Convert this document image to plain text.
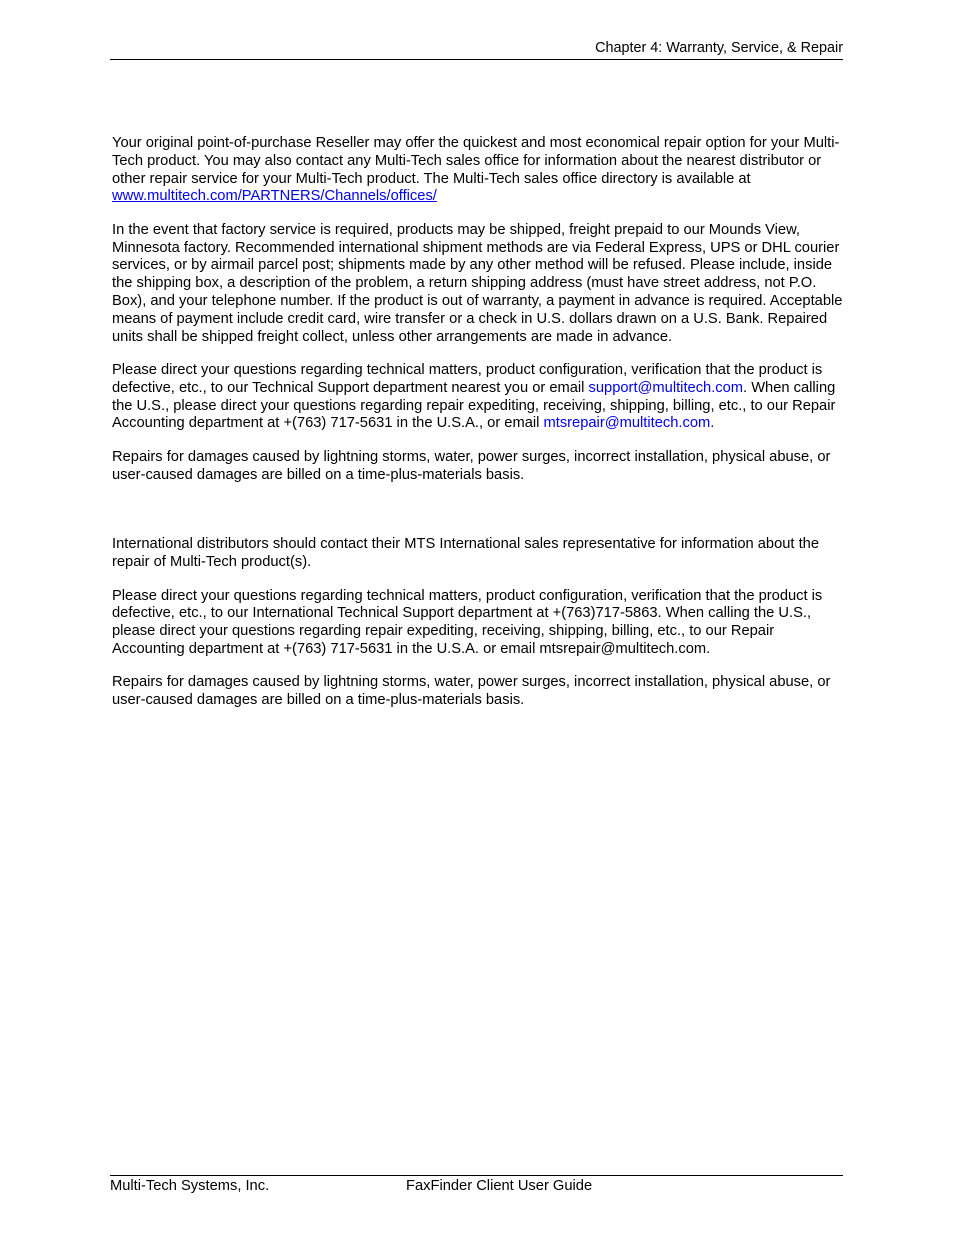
Chapter 4: Warranty, Service, & Repair

Your original point-of-purchase Reseller may offer the quickest and most economical repair option for your Multi-Tech product. You may also contact any Multi-Tech sales office for information about the nearest distributor or other repair service for your Multi-Tech product. The Multi-Tech sales office directory is available at www.multitech.com/PARTNERS/Channels/offices/

In the event that factory service is required, products may be shipped, freight prepaid to our Mounds View, Minnesota factory. Recommended international shipment methods are via Federal Express, UPS or DHL courier services, or by airmail parcel post; shipments made by any other method will be refused. Please include, inside the shipping box, a description of the problem, a return shipping address (must have street address, not P.O. Box), and your telephone number. If the product is out of warranty, a payment in advance is required. Acceptable means of payment include credit card, wire transfer or a check in U.S. dollars drawn on a U.S. Bank. Repaired units shall be shipped freight collect, unless other arrangements are made in advance.

Please direct your questions regarding technical matters, product configuration, verification that the product is defective, etc., to our Technical Support department nearest you or email support@multitech.com. When calling the U.S., please direct your questions regarding repair expediting, receiving, shipping, billing, etc., to our Repair Accounting department at +(763) 717-5631 in the U.S.A., or email mtsrepair@multitech.com.

Repairs for damages caused by lightning storms, water, power surges, incorrect installation, physical abuse, or user-caused damages are billed on a time-plus-materials basis.

International distributors should contact their MTS International sales representative for information about the repair of Multi-Tech product(s).

Please direct your questions regarding technical matters, product configuration, verification that the product is defective, etc., to our International Technical Support department at +(763)717-5863. When calling the U.S., please direct your questions regarding repair expediting, receiving, shipping, billing, etc., to our Repair Accounting department at +(763) 717-5631 in the U.S.A. or email mtsrepair@multitech.com.

Repairs for damages caused by lightning storms, water, power surges, incorrect installation, physical abuse, or user-caused damages are billed on a time-plus-materials basis.

Multi-Tech Systems, Inc.	FaxFinder Client User Guide
